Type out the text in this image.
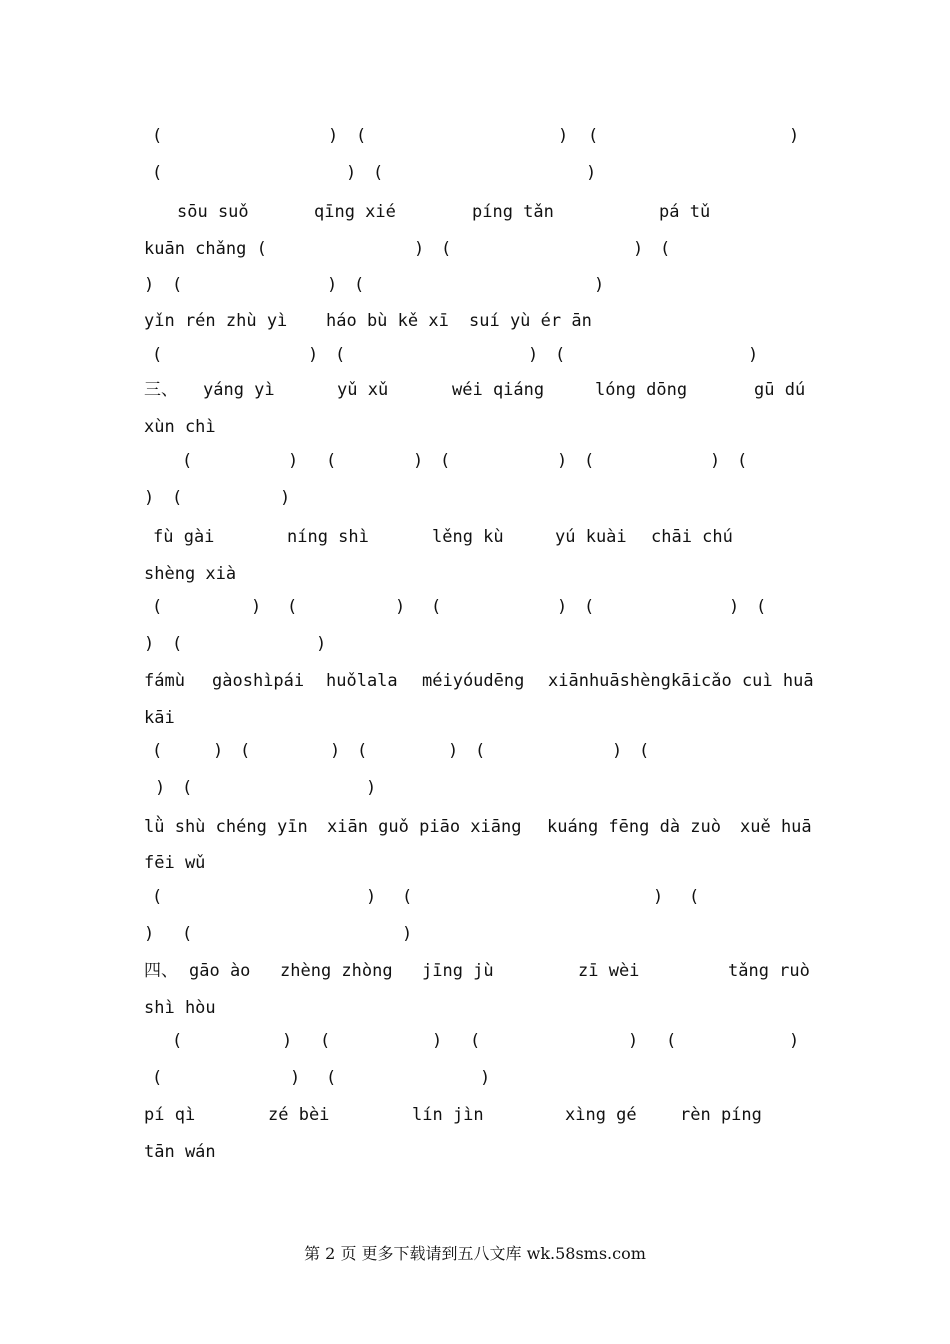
(	) (	) (	)
(	) (	)
sōu suǒ	qīng xié	píng tǎn	pá tǔ
kuān chǎng (	) (	) (
) (	) (	)
yǐn rén zhù yì háo bù kě xī suí yù ér ān
(	) (	) (	)
三、 yáng yì	yǔ xǔ	wéi qiáng	lóng dōng	gū dú
xùn chì
(	) (	) (	) (	) (
) (	)
fù gài	níng shì	lěng kù	yú kuài chāi chú
shèng xià
(	) (	) (	) (	) (
) (	)
fámù gàoshìpái huǒlala méiyóudēng xiānhuāshèngkāi cǎo cuì huā
kāi
(	) (	) (	) (	) (
) (	)
lǜ shù chéng yīn xiān guǒ piāo xiāng kuáng fēng dà zuò xuě huā
fēi wǔ
(	) (	) (
) (	)
四、 gāo ào zhèng zhòng jīng jù	zī wèi	tǎng ruò
shì hòu
(	) (	) (	) (	)
(	) (	)
pí qì	zé bèi	lín jìn	xìng gé	rèn píng
tān wán
第 2 页 更多下载请到五八文库 wk.58sms.com
